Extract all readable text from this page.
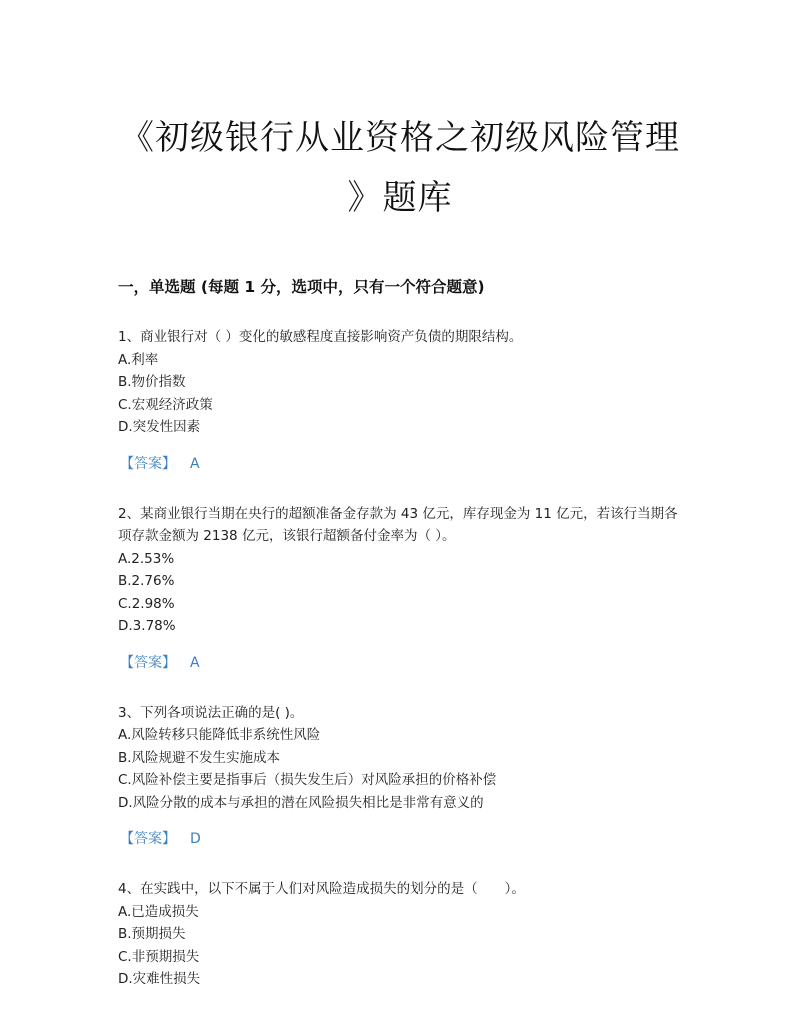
《初级银行从业资格之初级风险管理
》题库
一，单选题 (每题 1 分，选项中，只有一个符合题意)
1、商业银行对（ ）变化的敏感程度直接影响资产负债的期限结构。
A.利率
B.物价指数
C.宏观经济政策
D.突发性因素
【答案】 A
2、某商业银行当期在央行的超额准备金存款为 43 亿元，库存现金为 11 亿元，若该行当期各项存款金额为 2138 亿元，该银行超额备付金率为（ ）。
A.2.53%
B.2.76%
C.2.98%
D.3.78%
【答案】 A
3、下列各项说法正确的是( )。
A.风险转移只能降低非系统性风险
B.风险规避不发生实施成本
C.风险补偿主要是指事后（损失发生后）对风险承担的价格补偿
D.风险分散的成本与承担的潜在风险损失相比是非常有意义的
【答案】 D
4、在实践中，以下不属于人们对风险造成损失的划分的是（　　）。
A.已造成损失
B.预期损失
C.非预期损失
D.灾难性损失
